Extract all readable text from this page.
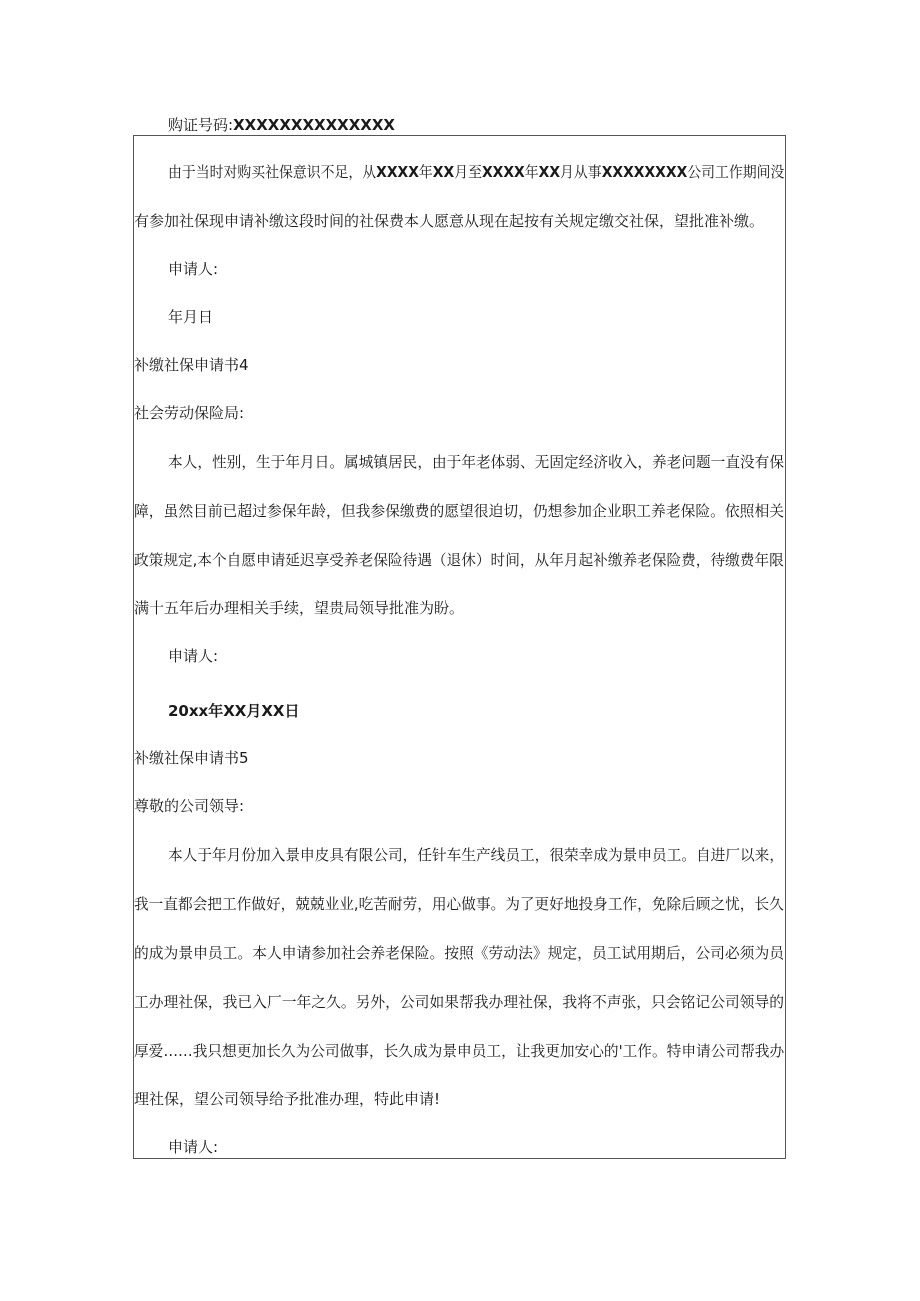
购证号码:XXXXXXXXXXXXXX
由于当时对购买社保意识不足，从XXXX年XX月至XXXX年XX月从事XXXXXXXX公司工作期间没
有参加社保现申请补缴这段时间的社保费本人愿意从现在起按有关规定缴交社保，望批准补缴。
申请人:
年月日
补缴社保申请书4
社会劳动保险局:
本人，性别，生于年月日。属城镇居民，由于年老体弱、无固定经济收入，养老问题一直没有保
障，虽然目前已超过参保年龄，但我参保缴费的愿望很迫切，仍想参加企业职工养老保险。依照相关
政策规定,本个自愿申请延迟享受养老保险待遇（退休）时间，从年月起补缴养老保险费，待缴费年限
满十五年后办理相关手续，望贵局领导批准为盼。
申请人:
20xx年XX月XX日
补缴社保申请书5
尊敬的公司领导:
本人于年月份加入景申皮具有限公司，任针车生产线员工，很荣幸成为景申员工。自进厂以来，
我一直都会把工作做好，兢兢业业,吃苦耐劳，用心做事。为了更好地投身工作，免除后顾之忧，长久
的成为景申员工。本人申请参加社会养老保险。按照《劳动法》规定，员工试用期后，公司必须为员
工办理社保，我已入厂一年之久。另外，公司如果帮我办理社保，我将不声张，只会铭记公司领导的
厚爱……我只想更加长久为公司做事，长久成为景申员工，让我更加安心的'工作。特申请公司帮我办
理社保，望公司领导给予批准办理，特此申请!
申请人:
